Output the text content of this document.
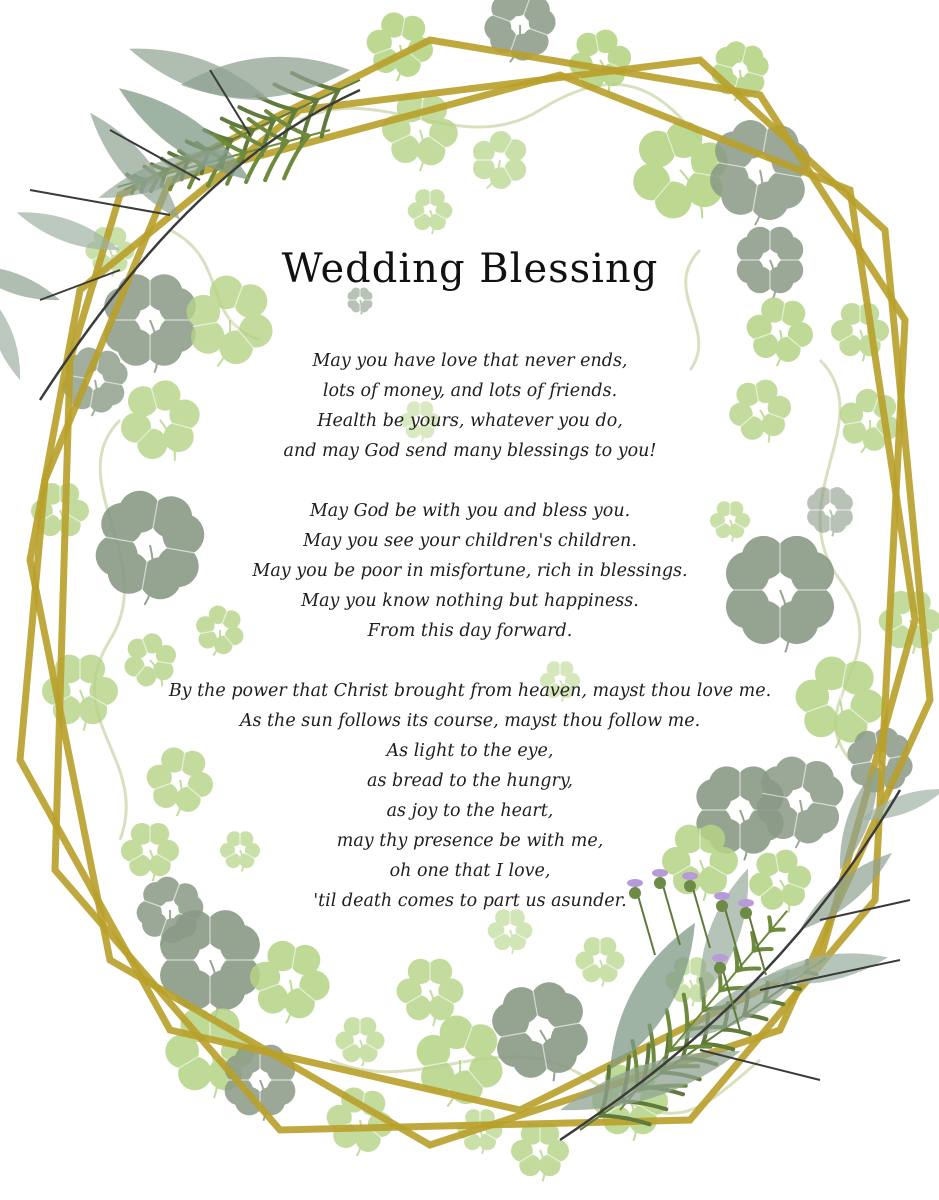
Wedding Blessing
May you have love that never ends,
lots of money, and lots of friends.
Health be yours, whatever you do,
and may God send many blessings to you!
May God be with you and bless you.
May you see your children's children.
May you be poor in misfortune, rich in blessings.
May you know nothing but happiness.
From this day forward.
By the power that Christ brought from heaven, mayst thou love me.
As the sun follows its course, mayst thou follow me.
As light to the eye,
as bread to the hungry,
as joy to the heart,
may thy presence be with me,
oh one that I love,
'til death comes to part us asunder.
